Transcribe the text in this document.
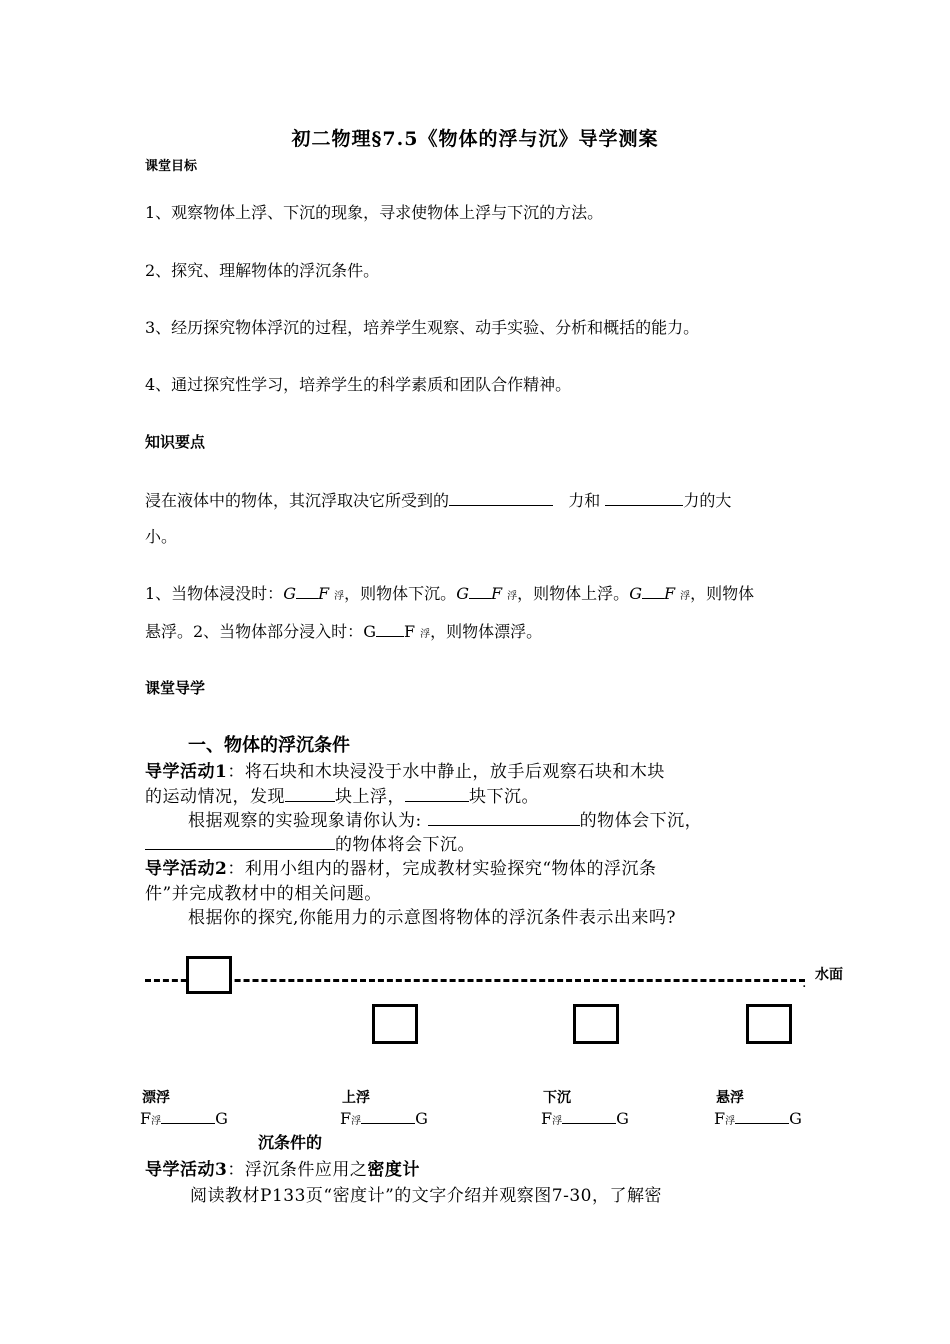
初二物理§7.5《物体的浮与沉》导学测案
课堂目标
1、观察物体上浮、下沉的现象，寻求使物体上浮与下沉的方法。
2、探究、理解物体的浮沉条件。
3、经历探究物体浮沉的过程，培养学生观察、动手实验、分析和概括的能力。
4、通过探究性学习，培养学生的科学素质和团队合作精神。
知识要点
浸在液体中的物体，其沉浮取决它所受到的	力和	力的大
小。
1、当物体浸没时：G F 浮，则物体下沉。G F 浮，则物体上浮。G F 浮，则物体
悬浮。2、当物体部分浸入时：G F 浮，则物体漂浮。
课堂导学
一、物体的浮沉条件
导学活动1：将石块和木块浸没于水中静止，放手后观察石块和木块
的运动情况，发现	块上浮，	块下沉。
根据观察的实验现象请你认为:	的物体会下沉，
的物体将会下沉。
导学活动2：利用小组内的器材，完成教材实验探究“物体的浮沉条
件”并完成教材中的相关问题。
根据你的探究,你能用力的示意图将物体的浮沉条件表示出来吗?
. 水面
漂浮	上浮	下沉	悬浮
F浮	G	F浮	G	F浮	G	F浮	G
沉条件的
导学活动3：浮沉条件应用之密度计
阅读教材P133页“密度计”的文字介绍并观察图7-30，了解密
